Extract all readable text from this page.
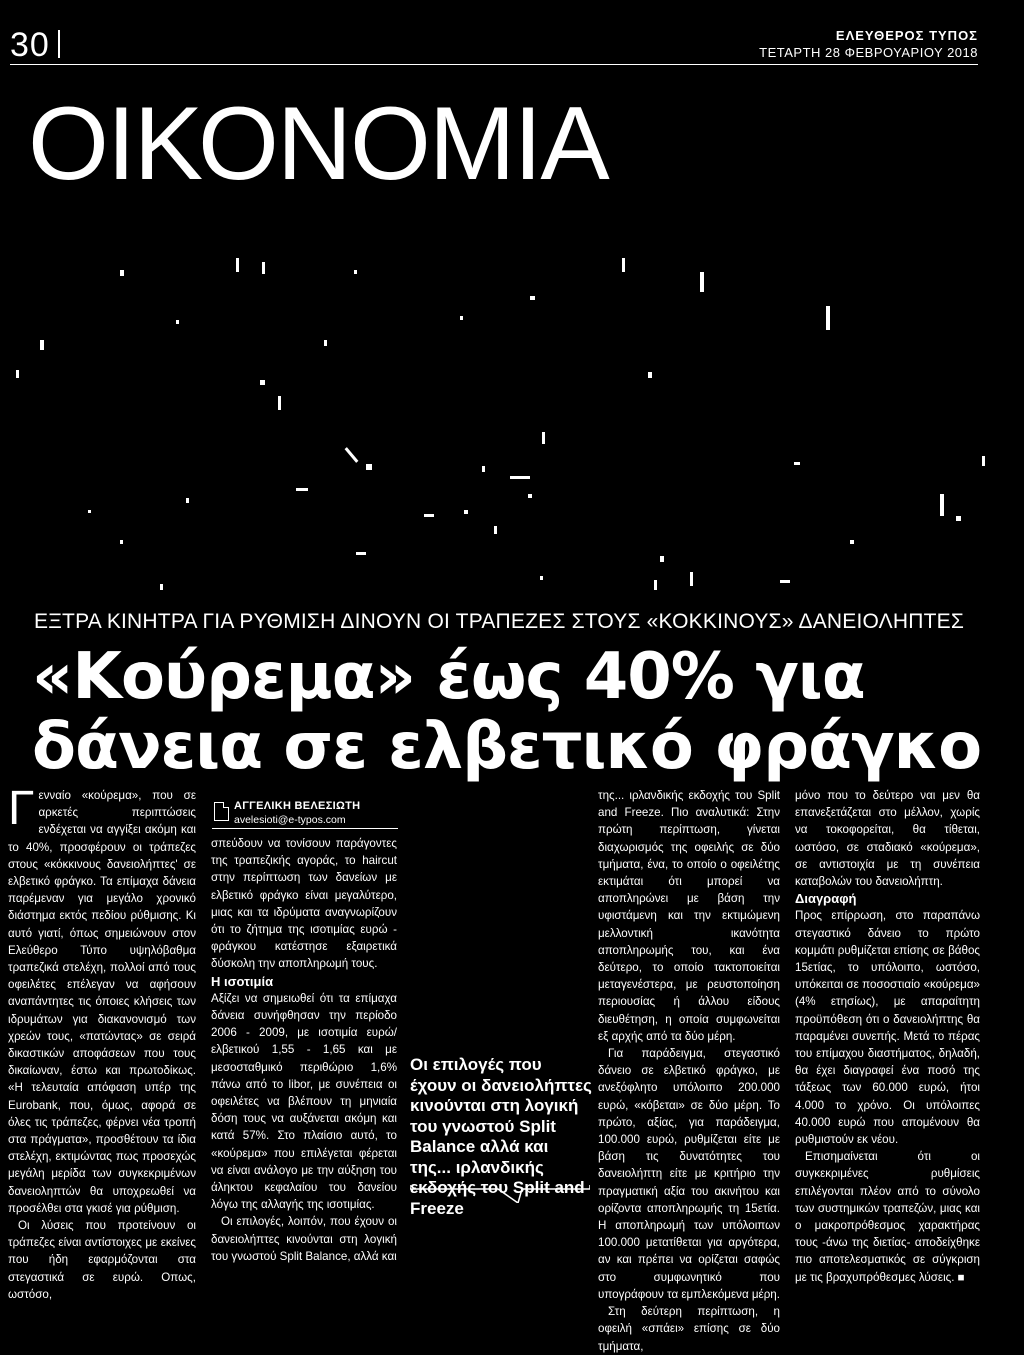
30	ΕΛΕΥΘΕΡΟΣ ΤΥΠΟΣ
ΤΕΤΑΡΤΗ 28 ΦΕΒΡΟΥΑΡΙΟΥ 2018
ΟΙΚΟΝΟΜΙΑ
ΕΞΤΡΑ ΚΙΝΗΤΡΑ ΓΙΑ ΡΥΘΜΙΣΗ ΔΙΝΟΥΝ ΟΙ ΤΡΑΠΕΖΕΣ ΣΤΟΥΣ «ΚΟΚΚΙΝΟΥΣ» ΔΑΝΕΙΟΛΗΠΤΕΣ
«Κούρεμα» έως 40% για
δάνεια σε ελβετικό φράγκο

Γενναίο «κούρεμα», που σε αρκετές περιπτώσεις ενδέχεται να αγγίξει ακόμη και το 40%, προσφέρουν οι τράπεζες στους «κόκκινους δανειολήπτες' σε ελβετικό φράγκο. Τα επίμαχα δάνεια παρέμεναν για μεγάλο χρονικό διάστημα εκτός πεδίου ρύθμισης. Κι αυτό γιατί, όπως σημειώνουν στον Ελεύθερο Τύπο υψηλόβαθμα τραπεζικά στελέχη, πολλοί από τους οφειλέτες επέλεγαν να αφήσουν αναπάντητες τις όποιες κλήσεις των ιδρυμάτων για διακανονισμό των χρεών τους, «πατώντας» σε σειρά δικαστικών αποφάσεων που τους δικαίωναν, έστω και πρωτοδίκως. «Η τελευταία απόφαση υπέρ της Eurobank, που, όμως, αφορά σε όλες τις τράπεζες, φέρνει νέα τροπή στα πράγματα», προσθέτουν τα ίδια στελέχη, εκτιμώντας πως προσεχώς μεγάλη μερίδα των συγκεκριμένων δανειοληπτών θα υποχρεωθεί να προσέλθει στα γκισέ για ρύθμιση.

Οι λύσεις που προτείνουν οι τράπεζες είναι αντίστοιχες με εκείνες που ήδη εφαρμόζονται στα στεγαστικά σε ευρώ. Οπως, ωστόσο,

ΑΓΓΕΛΙΚΗ ΒΕΛΕΣΙΩΤΗ
avelesioti@e-typos.com

σπεύδουν να τονίσουν παράγοντες της τραπεζικής αγοράς, το haircut στην περίπτωση των δανείων με ελβετικό φράγκο είναι μεγαλύτερο, μιας και τα ιδρύματα αναγνωρίζουν ότι το ζήτημα της ισοτιμίας ευρώ - φράγκου κατέστησε εξαιρετικά δύσκολη την αποπληρωμή τους.

Η ισοτιμία

Αξίζει να σημειωθεί ότι τα επίμαχα δάνεια συνήφθησαν την περίοδο 2006 - 2009, με ισοτιμία ευρώ/ελβετικού 1,55 - 1,65 και με μεσοσταθμικό περιθώριο 1,6% πάνω από το libor, με συνέπεια οι οφειλέτες να βλέπουν τη μηνιαία δόση τους να αυξάνεται ακόμη και κατά 57%. Στο πλαίσιο αυτό, το «κούρεμα» που επιλέγεται φέρεται να είναι ανάλογο με την αύξηση του άληκτου κεφαλαίου του δανείου λόγω της αλλαγής της ισοτιμίας.

Οι επιλογές, λοιπόν, που έχουν οι δανειολήπτες κινούνται στη λογική του γνωστού Split Balance, αλλά και

Οι επιλογές που έχουν οι δανειολήπτες κινούνται στη λογική του γνωστού Split Balance αλλά και της... ιρλανδικής εκδοχής του Split and Freeze

της... ιρλανδικής εκδοχής του Split and Freeze. Πιο αναλυτικά: Στην πρώτη περίπτωση, γίνεται διαχωρισμός της οφειλής σε δύο τμήματα, ένα, το οποίο ο οφειλέτης εκτιμάται ότι μπορεί να αποπληρώνει με βάση την υφιστάμενη και την εκτιμώμενη μελλοντική ικανότητα αποπληρωμής του, και ένα δεύτερο, το οποίο τακτοποιείται μεταγενέστερα, με ρευστοποίηση περιουσίας ή άλλου είδους διευθέτηση, η οποία συμφωνείται εξ αρχής από τα δύο μέρη.

Για παράδειγμα, στεγαστικό δάνειο σε ελβετικό φράγκο, με ανεξόφλητο υπόλοιπο 200.000 ευρώ, «κόβεται» σε δύο μέρη. Το πρώτο, αξίας, για παράδειγμα, 100.000 ευρώ, ρυθμίζεται είτε με βάση τις δυνατότητες του δανειολήπτη είτε με κριτήριο την πραγματική αξία του ακινήτου και ορίζοντα αποπληρωμής τη 15ετία. Η αποπληρωμή των υπόλοιπων 100.000 μετατίθεται για αργότερα, αν και πρέπει να ορίζεται σαφώς στο συμφωνητικό που υπογράφουν τα εμπλεκόμενα μέρη.

Στη δεύτερη περίπτωση, η οφειλή «σπάει» επίσης σε δύο τμήματα,

μόνο που το δεύτερο ναι μεν θα επανεξετάζεται στο μέλλον, χωρίς να τοκοφορείται, θα τίθεται, ωστόσο, σε σταδιακό «κούρεμα», σε αντιστοιχία με τη συνέπεια καταβολών του δανειολήπτη.

Διαγραφή

Προς επίρρωση, στο παραπάνω στεγαστικό δάνειο το πρώτο κομμάτι ρυθμίζεται επίσης σε βάθος 15ετίας, το υπόλοιπο, ωστόσο, υπόκειται σε ποσοστιαίο «κούρεμα» (4% ετησίως), με απαραίτητη προϋπόθεση ότι ο δανειολήπτης θα παραμένει συνεπής. Μετά το πέρας του επίμαχου διαστήματος, δηλαδή, θα έχει διαγραφεί ένα ποσό της τάξεως των 60.000 ευρώ, ήτοι 4.000 το χρόνο. Οι υπόλοιπες 40.000 ευρώ που απομένουν θα ρυθμιστούν εκ νέου.

Επισημαίνεται ότι οι συγκεκριμένες ρυθμίσεις επιλέγονται πλέον από το σύνολο των συστημικών τραπεζών, μιας και ο μακροπρόθεσμος χαρακτήρας τους -άνω της διετίας- αποδείχθηκε πιο αποτελεσματικός σε σύγκριση με τις βραχυπρόθεσμες λύσεις. ■
